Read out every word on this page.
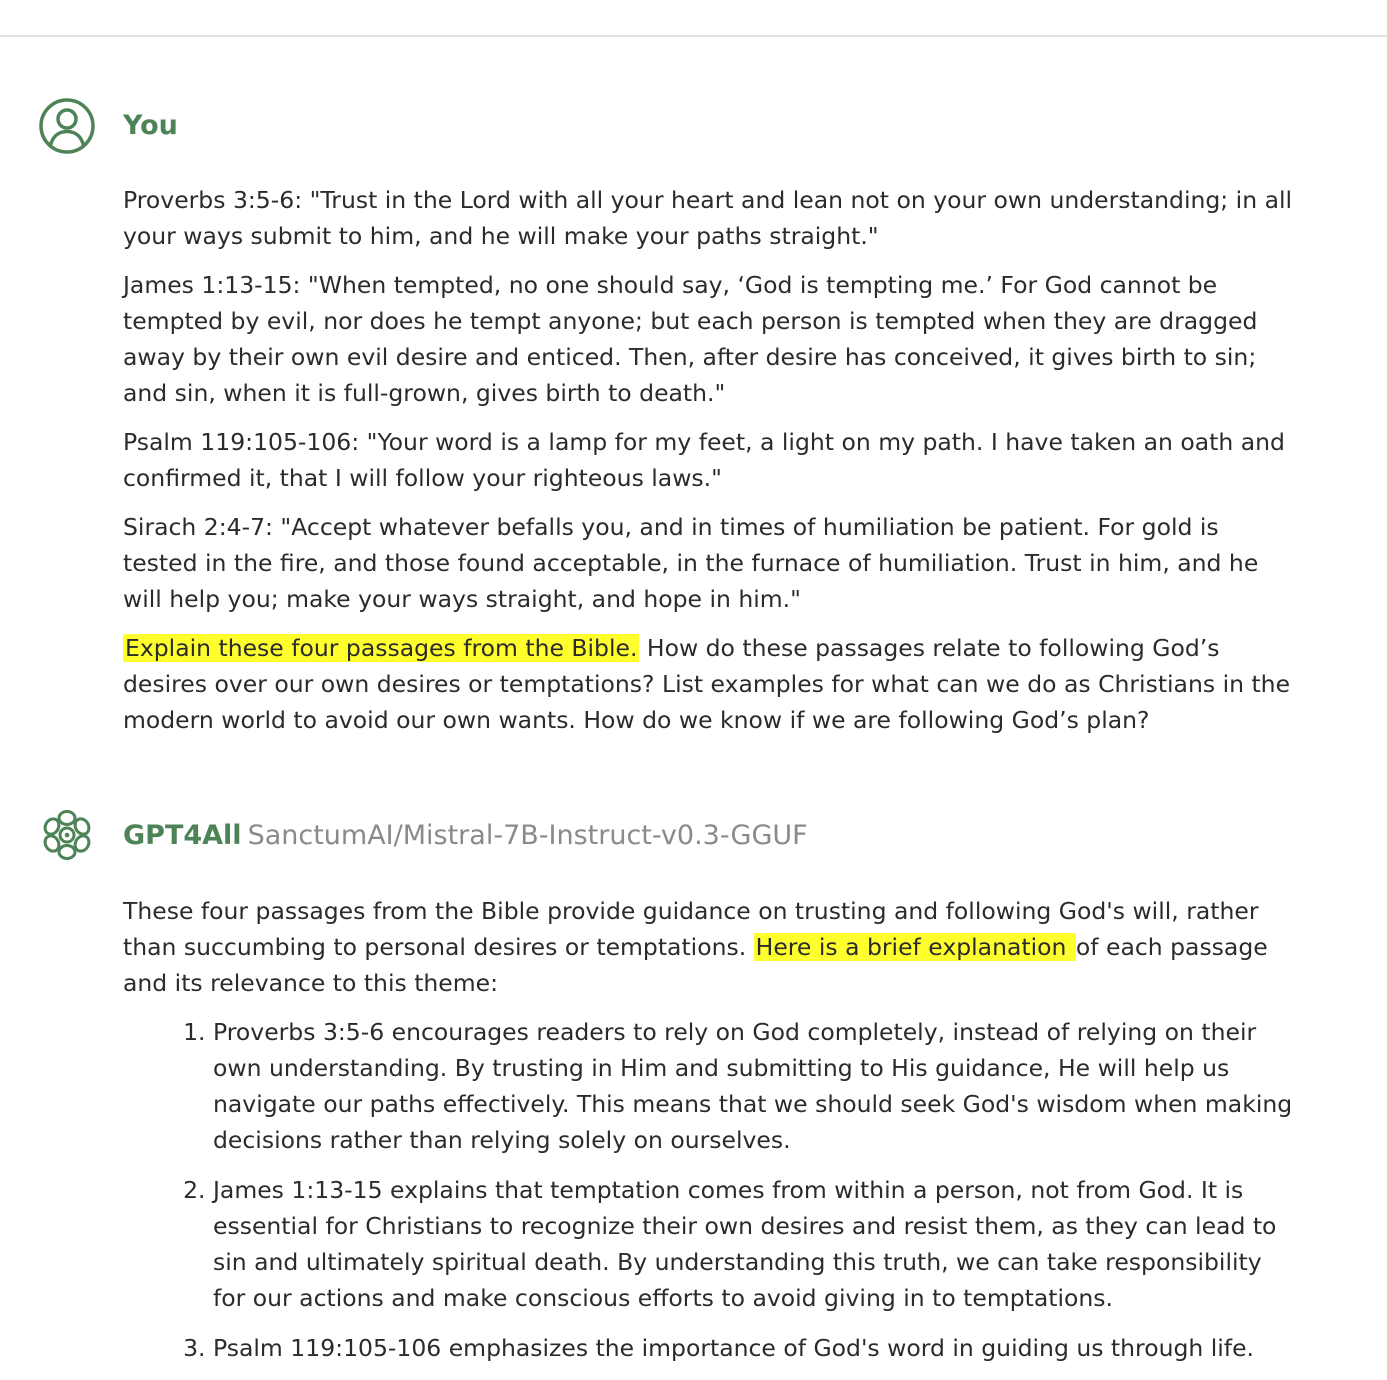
You

Proverbs 3:5-6: "Trust in the Lord with all your heart and lean not on your own understanding; in all your ways submit to him, and he will make your paths straight."

James 1:13-15: "When tempted, no one should say, ‘God is tempting me.’ For God cannot be tempted by evil, nor does he tempt anyone; but each person is tempted when they are dragged away by their own evil desire and enticed. Then, after desire has conceived, it gives birth to sin; and sin, when it is full-grown, gives birth to death."

Psalm 119:105-106: "Your word is a lamp for my feet, a light on my path. I have taken an oath and confirmed it, that I will follow your righteous laws."

Sirach 2:4-7: "Accept whatever befalls you, and in times of humiliation be patient. For gold is tested in the fire, and those found acceptable, in the furnace of humiliation. Trust in him, and he will help you; make your ways straight, and hope in him."

Explain these four passages from the Bible. How do these passages relate to following God’s desires over our own desires or temptations? List examples for what can we do as Christians in the modern world to avoid our own wants. How do we know if we are following God’s plan?

GPT4All SanctumAI/Mistral-7B-Instruct-v0.3-GGUF

These four passages from the Bible provide guidance on trusting and following God's will, rather than succumbing to personal desires or temptations. Here is a brief explanation of each passage and its relevance to this theme:

1. Proverbs 3:5-6 encourages readers to rely on God completely, instead of relying on their own understanding. By trusting in Him and submitting to His guidance, He will help us navigate our paths effectively. This means that we should seek God's wisdom when making decisions rather than relying solely on ourselves.
2. James 1:13-15 explains that temptation comes from within a person, not from God. It is essential for Christians to recognize their own desires and resist them, as they can lead to sin and ultimately spiritual death. By understanding this truth, we can take responsibility for our actions and make conscious efforts to avoid giving in to temptations.
3. Psalm 119:105-106 emphasizes the importance of God's word in guiding us through life.
